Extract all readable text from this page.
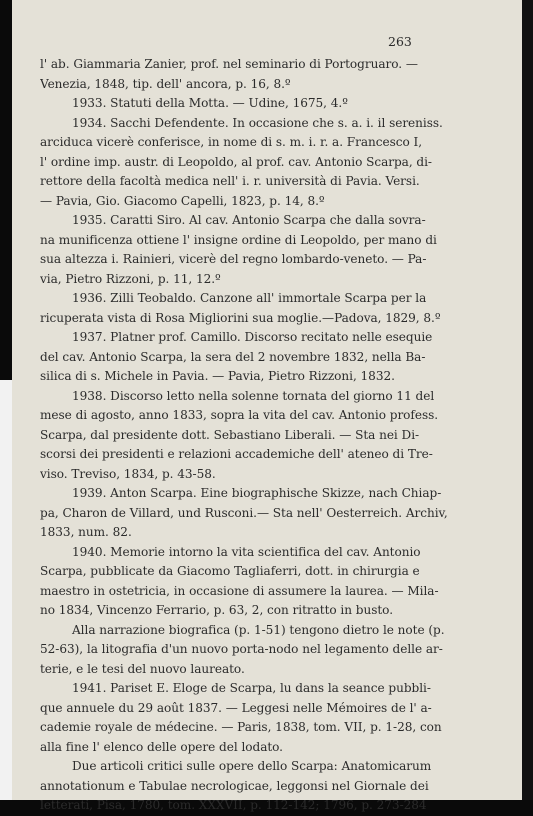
263
l' ab. Giammaria Zanier, prof. nel seminario di Portogruaro. —
Venezia, 1848, tip. dell' ancora, p. 16, 8.º
1933. Statuti della Motta. — Udine, 1675, 4.º
1934. Sacchi Defendente. In occasione che s. a. i. il sereniss.
arciduca vicerè conferisce, in nome di s. m. i. r. a. Francesco I,
l' ordine imp. austr. di Leopoldo, al prof. cav. Antonio Scarpa, di-
rettore della facoltà medica nell' i. r. università di Pavia. Versi.
— Pavia, Gio. Giacomo Capelli, 1823, p. 14, 8.º
1935. Caratti Siro. Al cav. Antonio Scarpa che dalla sovra-
na munificenza ottiene l' insigne ordine di Leopoldo, per mano di
sua altezza i. Rainieri, vicerè del regno lombardo-veneto. — Pa-
via, Pietro Rizzoni, p. 11, 12.º
1936. Zilli Teobaldo. Canzone all' immortale Scarpa per la
ricuperata vista di Rosa Migliorini sua moglie.—Padova, 1829, 8.º
1937. Platner prof. Camillo. Discorso recitato nelle esequie
del cav. Antonio Scarpa, la sera del 2 novembre 1832, nella Ba-
silica di s. Michele in Pavia. — Pavia, Pietro Rizzoni, 1832.
1938. Discorso letto nella solenne tornata del giorno 11 del
mese di agosto, anno 1833, sopra la vita del cav. Antonio profess.
Scarpa, dal presidente dott. Sebastiano Liberali. — Sta nei Di-
scorsi dei presidenti e relazioni accademiche dell' ateneo di Tre-
viso. Treviso, 1834, p. 43-58.
1939. Anton Scarpa. Eine biographische Skizze, nach Chiap-
pa, Charon de Villard, und Rusconi.— Sta nell' Oesterreich. Archiv,
1833, num. 82.
1940. Memorie intorno la vita scientifica del cav. Antonio
Scarpa, pubblicate da Giacomo Tagliaferri, dott. in chirurgia e
maestro in ostetricia, in occasione di assumere la laurea. — Mila-
no 1834, Vincenzo Ferrario, p. 63, 2, con ritratto in busto.
Alla narrazione biografica (p. 1-51) tengono dietro le note (p.
52-63), la litografia d'un nuovo porta-nodo nel legamento delle ar-
terie, e le tesi del nuovo laureato.
1941. Pariset E. Eloge de Scarpa, lu dans la seance pubbli-
que annuele du 29 août 1837. — Leggesi nelle Mémoires de l' a-
cademie royale de médecine. — Paris, 1838, tom. VII, p. 1-28, con
alla fine l' elenco delle opere del lodato.
Due articoli critici sulle opere dello Scarpa: Anatomicarum
annotationum e Tabulae necrologicae, leggonsi nel Giornale dei
letterati, Pisa, 1780, tom. XXXVII, p. 112-142; 1796, p. 273-284
